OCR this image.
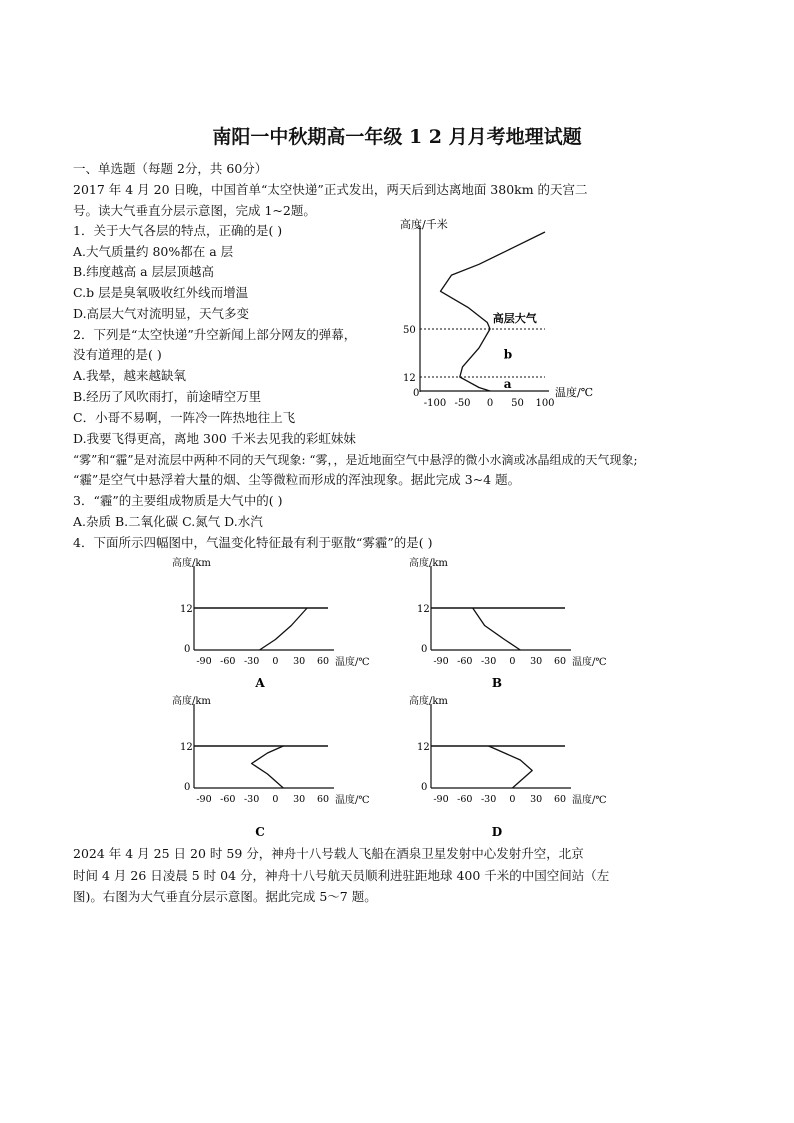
南阳一中秋期高一年级 1 2 月月考地理试题
一、单选题（每题 2分，共 60分）
2017 年 4 月 20 日晚，中国首单“太空快递”正式发出，两天后到达离地面 380km 的天宫二
号。读大气垂直分层示意图，完成 1~2题。
1．关于大气各层的特点，正确的是( )
A.大气质量约 80%都在 a 层
B.纬度越高 a 层层顶越高
C.b 层是臭氧吸收红外线而增温
D.高层大气对流明显，天气多变
2．下列是“太空快递”升空新闻上部分网友的弹幕，
没有道理的是( )
A.我晕，越来越缺氧
B.经历了风吹雨打，前途晴空万里
C．小哥不易啊，一阵冷一阵热地往上飞
D.我要飞得更高，离地 300 千米去见我的彩虹妹妹
“雾”和“霾”是对流层中两种不同的天气现象: “雾，，是近地面空气中悬浮的微小水滴或冰晶组成的天气现象;
“霾”是空气中悬浮着大量的烟、尘等微粒而形成的浑浊现象。据此完成 3~4 题。
3．“霾”的主要组成物质是大气中的( )
A.杂质 B.二氧化碳 C.氮气 D.水汽
4．下面所示四幅图中，气温变化特征最有利于驱散“雾霾”的是( )
2024 年 4 月 25 日 20 时 59 分，神舟十八号载人飞船在酒泉卫星发射中心发射升空，北京
时间 4 月 26 日凌晨 5 时 04 分，神舟十八号航天员顺利进驻距地球 400 千米的中国空间站（左
图)。右图为大气垂直分层示意图。据此完成 5～7 题。
高度/千米
温度/℃
0
12
50
-100 -50 0 50 100
a
b
高层大气
高度/km
温度/℃
12
0
-90 -60 -30 0 30 60
A
高度/km
温度/℃
12
0
-90 -60 -30 0 30 60
B
高度/km
温度/℃
12
0
-90 -60 -30 0 30 60
C
高度/km
温度/℃
12
0
-90 -60 -30 0 30 60
D
